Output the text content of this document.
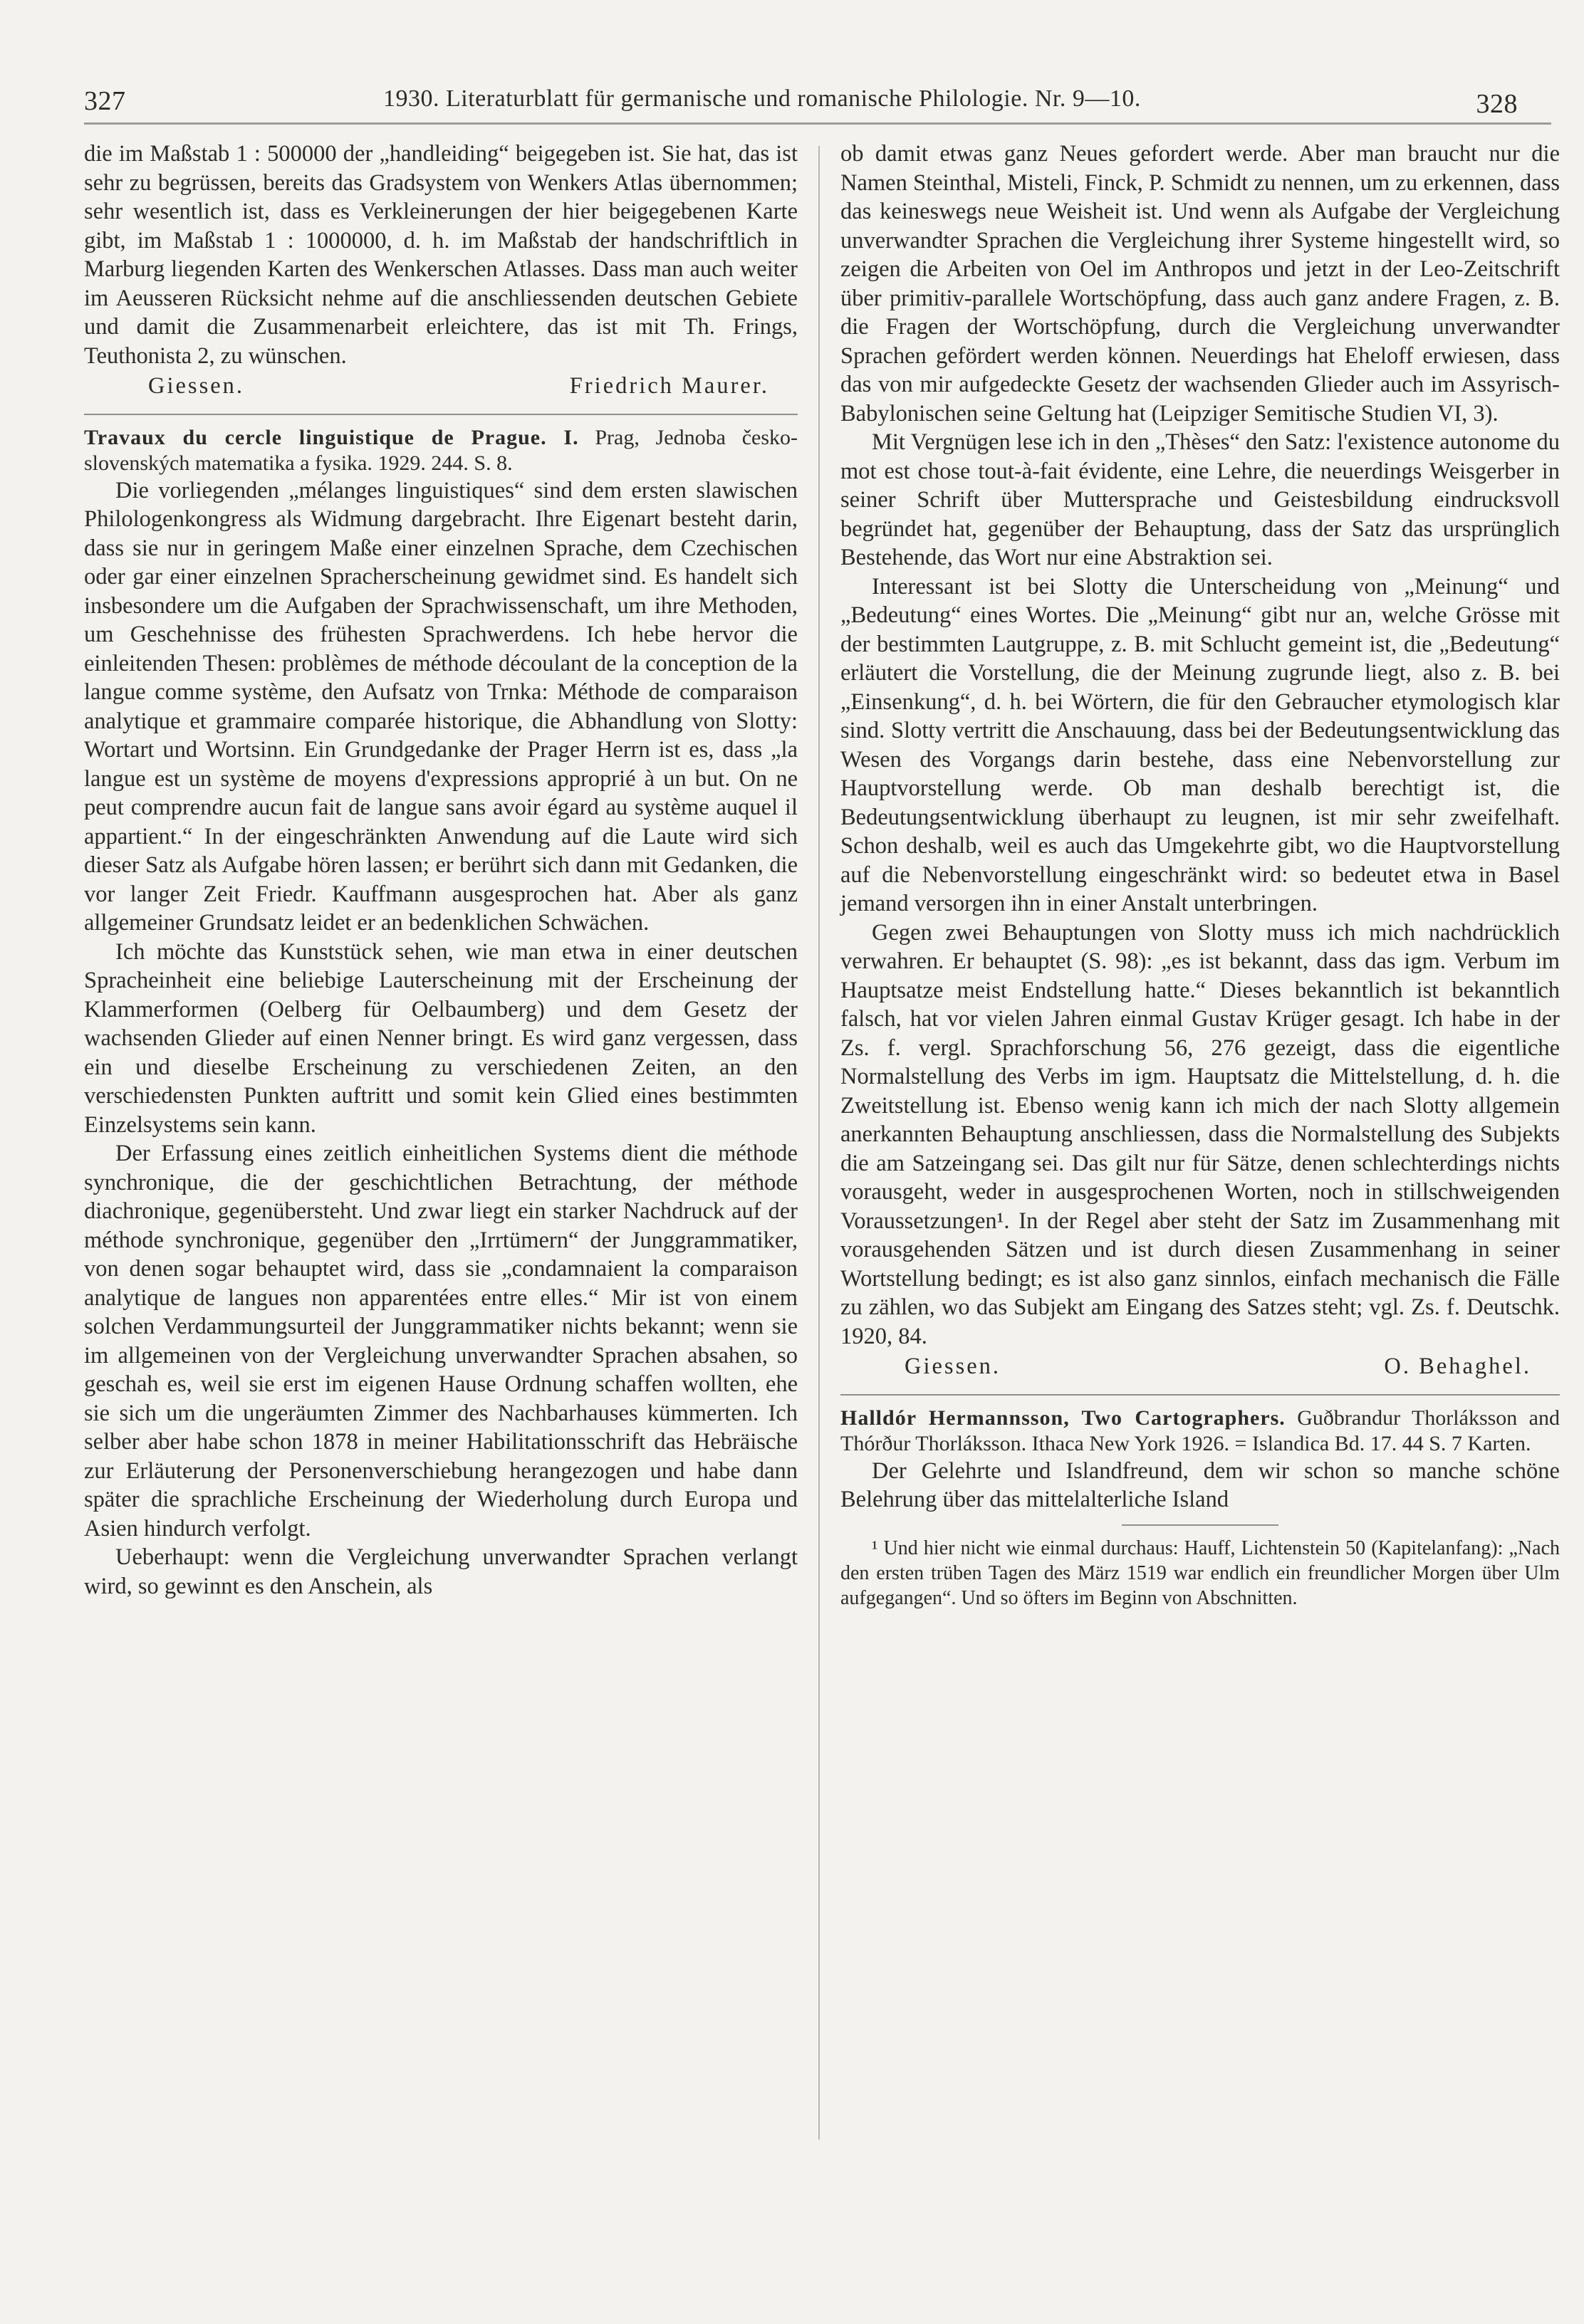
327	1930. Literaturblatt für germanische und romanische Philologie. Nr. 9—10.	328

die im Maßstab 1 : 500000 der „handleiding“ beigegeben ist. Sie hat, das ist sehr zu begrüssen, bereits das Gradsystem von Wenkers Atlas übernommen; sehr wesentlich ist, dass es Verkleinerungen der hier beigegebenen Karte gibt, im Maßstab 1 : 1000000, d. h. im Maßstab der handschriftlich in Marburg liegenden Karten des Wenkerschen Atlasses. Dass man auch weiter im Aeusseren Rücksicht nehme auf die anschliessenden deutschen Gebiete und damit die Zusammenarbeit erleichtere, das ist mit Th. Frings, Teuthonista 2, zu wünschen.

Giessen.	Friedrich Maurer.

Travaux du cercle linguistique de Prague. I. Prag, Jednoba česko-slovenských matematika a fysika. 1929. 244. S. 8.

Die vorliegenden „mélanges linguistiques“ sind dem ersten slawischen Philologenkongress als Widmung dargebracht. Ihre Eigenart besteht darin, dass sie nur in geringem Maße einer einzelnen Sprache, dem Czechischen oder gar einer einzelnen Spracherscheinung gewidmet sind. Es handelt sich insbesondere um die Aufgaben der Sprachwissenschaft, um ihre Methoden, um Geschehnisse des frühesten Sprachwerdens. Ich hebe hervor die einleitenden Thesen: problèmes de méthode découlant de la conception de la langue comme système, den Aufsatz von Trnka: Méthode de comparaison analytique et grammaire comparée historique, die Abhandlung von Slotty: Wortart und Wortsinn. Ein Grundgedanke der Prager Herrn ist es, dass „la langue est un système de moyens d'expressions approprié à un but. On ne peut comprendre aucun fait de langue sans avoir égard au système auquel il appartient.“ In der eingeschränkten Anwendung auf die Laute wird sich dieser Satz als Aufgabe hören lassen; er berührt sich dann mit Gedanken, die vor langer Zeit Friedr. Kauffmann ausgesprochen hat. Aber als ganz allgemeiner Grundsatz leidet er an bedenklichen Schwächen.

Ich möchte das Kunststück sehen, wie man etwa in einer deutschen Spracheinheit eine beliebige Lauterscheinung mit der Erscheinung der Klammerformen (Oelberg für Oelbaumberg) und dem Gesetz der wachsenden Glieder auf einen Nenner bringt. Es wird ganz vergessen, dass ein und dieselbe Erscheinung zu verschiedenen Zeiten, an den verschiedensten Punkten auftritt und somit kein Glied eines bestimmten Einzelsystems sein kann.

Der Erfassung eines zeitlich einheitlichen Systems dient die méthode synchronique, die der geschichtlichen Betrachtung, der méthode diachronique, gegenübersteht. Und zwar liegt ein starker Nachdruck auf der méthode synchronique, gegenüber den „Irrtümern“ der Junggrammatiker, von denen sogar behauptet wird, dass sie „condamnaient la comparaison analytique de langues non apparentées entre elles.“ Mir ist von einem solchen Verdammungsurteil der Junggrammatiker nichts bekannt; wenn sie im allgemeinen von der Vergleichung unverwandter Sprachen absahen, so geschah es, weil sie erst im eigenen Hause Ordnung schaffen wollten, ehe sie sich um die ungeräumten Zimmer des Nachbarhauses kümmerten. Ich selber aber habe schon 1878 in meiner Habilitationsschrift das Hebräische zur Erläuterung der Personenverschiebung herangezogen und habe dann später die sprachliche Erscheinung der Wiederholung durch Europa und Asien hindurch verfolgt.

Ueberhaupt: wenn die Vergleichung unverwandter Sprachen verlangt wird, so gewinnt es den Anschein, als

ob damit etwas ganz Neues gefordert werde. Aber man braucht nur die Namen Steinthal, Misteli, Finck, P. Schmidt zu nennen, um zu erkennen, dass das keineswegs neue Weisheit ist. Und wenn als Aufgabe der Vergleichung unverwandter Sprachen die Vergleichung ihrer Systeme hingestellt wird, so zeigen die Arbeiten von Oel im Anthropos und jetzt in der Leo-Zeitschrift über primitiv-parallele Wortschöpfung, dass auch ganz andere Fragen, z. B. die Fragen der Wortschöpfung, durch die Vergleichung unverwandter Sprachen gefördert werden können. Neuerdings hat Eheloff erwiesen, dass das von mir aufgedeckte Gesetz der wachsenden Glieder auch im Assyrisch-Babylonischen seine Geltung hat (Leipziger Semitische Studien VI, 3).

Mit Vergnügen lese ich in den „Thèses“ den Satz: l'existence autonome du mot est chose tout-à-fait évidente, eine Lehre, die neuerdings Weisgerber in seiner Schrift über Muttersprache und Geistesbildung eindrucksvoll begründet hat, gegenüber der Behauptung, dass der Satz das ursprünglich Bestehende, das Wort nur eine Abstraktion sei.

Interessant ist bei Slotty die Unterscheidung von „Meinung“ und „Bedeutung“ eines Wortes. Die „Meinung“ gibt nur an, welche Grösse mit der bestimmten Lautgruppe, z. B. mit Schlucht gemeint ist, die „Bedeutung“ erläutert die Vorstellung, die der Meinung zugrunde liegt, also z. B. bei „Einsenkung“, d. h. bei Wörtern, die für den Gebraucher etymologisch klar sind. Slotty vertritt die Anschauung, dass bei der Bedeutungsentwicklung das Wesen des Vorgangs darin bestehe, dass eine Nebenvorstellung zur Hauptvorstellung werde. Ob man deshalb berechtigt ist, die Bedeutungsentwicklung überhaupt zu leugnen, ist mir sehr zweifelhaft. Schon deshalb, weil es auch das Umgekehrte gibt, wo die Hauptvorstellung auf die Nebenvorstellung eingeschränkt wird: so bedeutet etwa in Basel jemand versorgen ihn in einer Anstalt unterbringen.

Gegen zwei Behauptungen von Slotty muss ich mich nachdrücklich verwahren. Er behauptet (S. 98): „es ist bekannt, dass das igm. Verbum im Hauptsatze meist Endstellung hatte.“ Dieses bekanntlich ist bekanntlich falsch, hat vor vielen Jahren einmal Gustav Krüger gesagt. Ich habe in der Zs. f. vergl. Sprachforschung 56, 276 gezeigt, dass die eigentliche Normalstellung des Verbs im igm. Hauptsatz die Mittelstellung, d. h. die Zweitstellung ist. Ebenso wenig kann ich mich der nach Slotty allgemein anerkannten Behauptung anschliessen, dass die Normalstellung des Subjekts die am Satzeingang sei. Das gilt nur für Sätze, denen schlechterdings nichts vorausgeht, weder in ausgesprochenen Worten, noch in stillschweigenden Voraussetzungen¹. In der Regel aber steht der Satz im Zusammenhang mit vorausgehenden Sätzen und ist durch diesen Zusammenhang in seiner Wortstellung bedingt; es ist also ganz sinnlos, einfach mechanisch die Fälle zu zählen, wo das Subjekt am Eingang des Satzes steht; vgl. Zs. f. Deutschk. 1920, 84.

Giessen.	O. Behaghel.

Halldór Hermannsson, Two Cartographers. Guðbrandur Thorláksson and Thórður Thorláksson. Ithaca New York 1926. = Islandica Bd. 17. 44 S. 7 Karten.

Der Gelehrte und Islandfreund, dem wir schon so manche schöne Belehrung über das mittelalterliche Island

¹ Und hier nicht wie einmal durchaus: Hauff, Lichtenstein 50 (Kapitelanfang): „Nach den ersten trüben Tagen des März 1519 war endlich ein freundlicher Morgen über Ulm aufgegangen“. Und so öfters im Beginn von Abschnitten.
